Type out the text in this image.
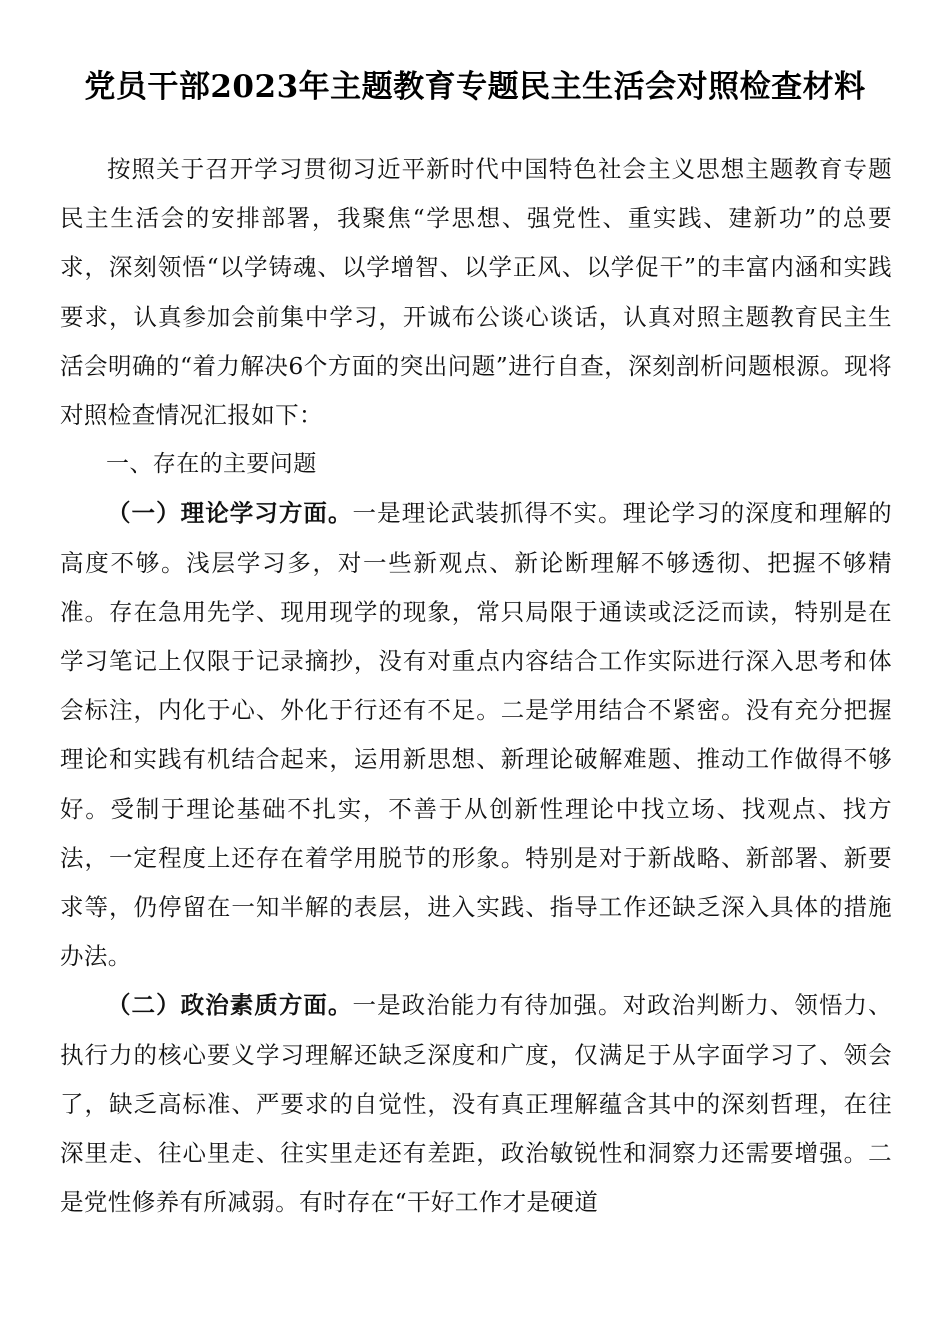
党员干部2023年主题教育专题民主生活会对照检查材料

按照关于召开学习贯彻习近平新时代中国特色社会主义思想主题教育专题民主生活会的安排部署，我聚焦“学思想、强党性、重实践、建新功”的总要求，深刻领悟“以学铸魂、以学增智、以学正风、以学促干”的丰富内涵和实践要求，认真参加会前集中学习，开诚布公谈心谈话，认真对照主题教育民主生活会明确的“着力解决6个方面的突出问题”进行自查，深刻剖析问题根源。现将对照检查情况汇报如下：

一、存在的主要问题

（一）理论学习方面。一是理论武装抓得不实。理论学习的深度和理解的高度不够。浅层学习多，对一些新观点、新论断理解不够透彻、把握不够精准。存在急用先学、现用现学的现象，常只局限于通读或泛泛而读，特别是在学习笔记上仅限于记录摘抄，没有对重点内容结合工作实际进行深入思考和体会标注，内化于心、外化于行还有不足。二是学用结合不紧密。没有充分把握理论和实践有机结合起来，运用新思想、新理论破解难题、推动工作做得不够好。受制于理论基础不扎实，不善于从创新性理论中找立场、找观点、找方法，一定程度上还存在着学用脱节的形象。特别是对于新战略、新部署、新要求等，仍停留在一知半解的表层，进入实践、指导工作还缺乏深入具体的措施办法。

（二）政治素质方面。一是政治能力有待加强。对政治判断力、领悟力、执行力的核心要义学习理解还缺乏深度和广度，仅满足于从字面学习了、领会了，缺乏高标准、严要求的自觉性，没有真正理解蕴含其中的深刻哲理，在往深里走、往心里走、往实里走还有差距，政治敏锐性和洞察力还需要增强。二是党性修养有所减弱。有时存在“干好工作才是硬道
